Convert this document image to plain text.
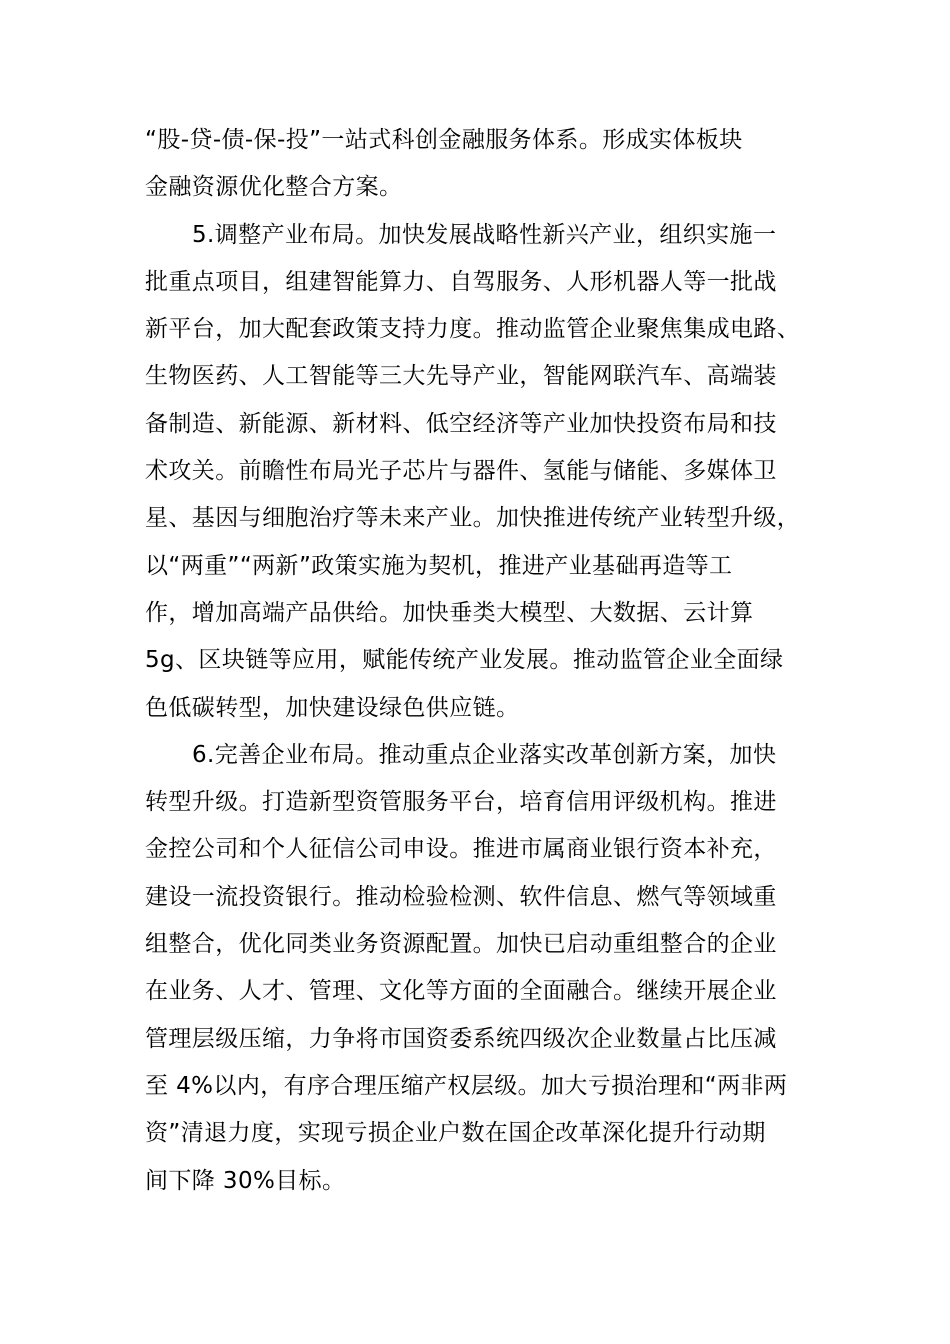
“股-贷-债-保-投”一站式科创金融服务体系。形成实体板块
金融资源优化整合方案。
5.调整产业布局。加快发展战略性新兴产业，组织实施一
批重点项目，组建智能算力、自驾服务、人形机器人等一批战
新平台，加大配套政策支持力度。推动监管企业聚焦集成电路、
生物医药、人工智能等三大先导产业，智能网联汽车、高端装
备制造、新能源、新材料、低空经济等产业加快投资布局和技
术攻关。前瞻性布局光子芯片与器件、氢能与储能、多媒体卫
星、基因与细胞治疗等未来产业。加快推进传统产业转型升级，
以“两重”“两新”政策实施为契机，推进产业基础再造等工
作，增加高端产品供给。加快垂类大模型、大数据、云计算
5g、区块链等应用，赋能传统产业发展。推动监管企业全面绿
色低碳转型，加快建设绿色供应链。
6.完善企业布局。推动重点企业落实改革创新方案，加快
转型升级。打造新型资管服务平台，培育信用评级机构。推进
金控公司和个人征信公司申设。推进市属商业银行资本补充，
建设一流投资银行。推动检验检测、软件信息、燃气等领域重
组整合，优化同类业务资源配置。加快已启动重组整合的企业
在业务、人才、管理、文化等方面的全面融合。继续开展企业
管理层级压缩，力争将市国资委系统四级次企业数量占比压减
至 4%以内，有序合理压缩产权层级。加大亏损治理和“两非两
资”清退力度，实现亏损企业户数在国企改革深化提升行动期
间下降 30%目标。
